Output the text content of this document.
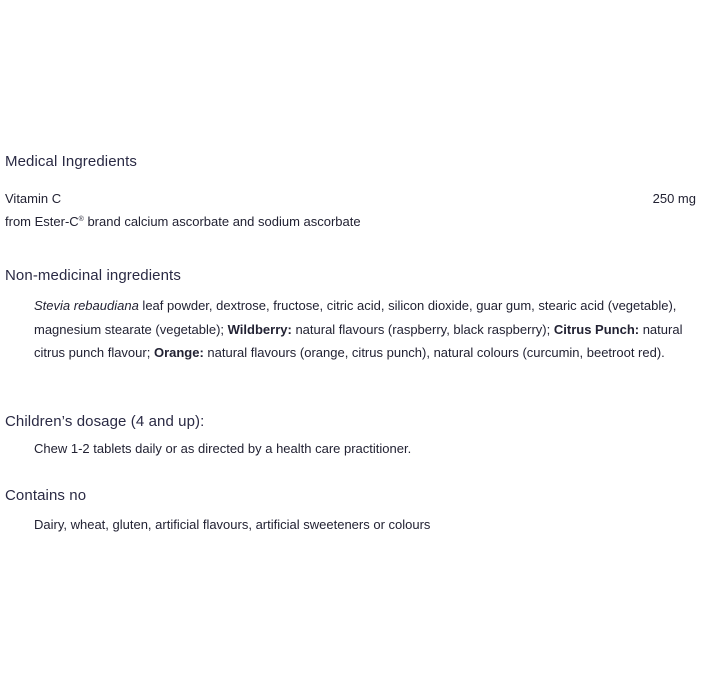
Medical Ingredients
Vitamin C	250 mg
from Ester-C® brand calcium ascorbate and sodium ascorbate
Non-medicinal ingredients
Stevia rebaudiana leaf powder, dextrose, fructose, citric acid, silicon dioxide, guar gum, stearic acid (vegetable), magnesium stearate (vegetable); Wildberry: natural flavours (raspberry, black raspberry); Citrus Punch: natural citrus punch flavour; Orange: natural flavours (orange, citrus punch), natural colours (curcumin, beetroot red).
Children’s dosage (4 and up):
Chew 1-2 tablets daily or as directed by a health care practitioner.
Contains no
Dairy, wheat, gluten, artificial flavours, artificial sweeteners or colours
